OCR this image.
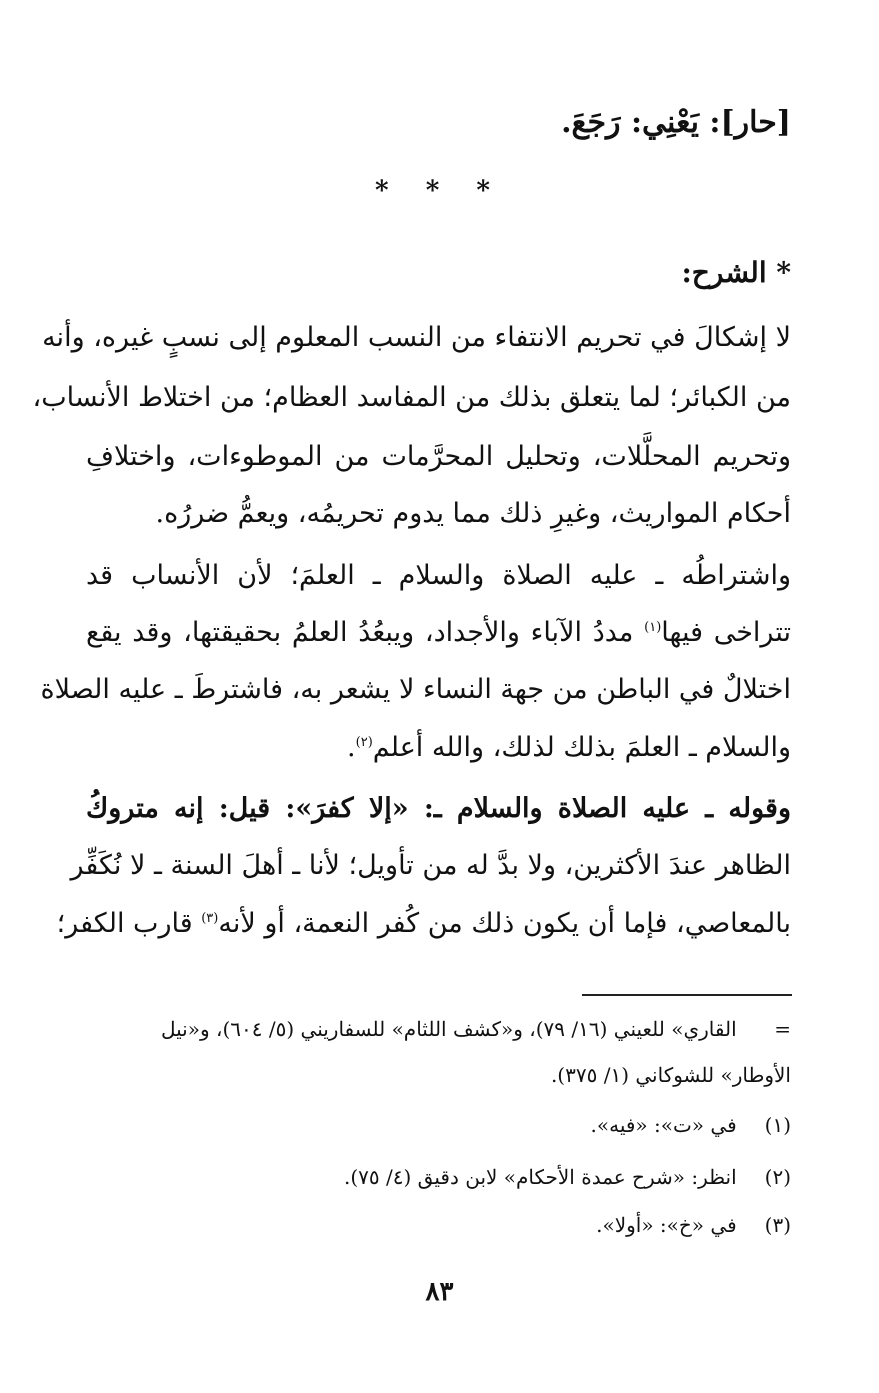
[حار]: يَعْنِي: رَجَعَ.
* * *
* الشرح:
لا إشكالَ في تحريم الانتفاء من النسب المعلوم إلى نسبٍ غيره، وأنه
من الكبائر؛ لما يتعلق بذلك من المفاسد العظام؛ من اختلاط الأنساب،
وتحريم المحلَّلات، وتحليل المحرَّمات من الموطوءات، واختلافِ
أحكام المواريث، وغيرِ ذلك مما يدوم تحريمُه، ويعمُّ ضررُه.
واشتراطُه ـ عليه الصلاة والسلام ـ العلمَ؛ لأن الأنساب قد
تتراخى فيها$^{(١)}$ مددُ الآباء والأجداد، ويبعُدُ العلمُ بحقيقتها، وقد يقع
اختلالٌ في الباطن من جهة النساء لا يشعر به، فاشترطَ ـ عليه الصلاة
والسلام ـ العلمَ بذلك لذلك، والله أعلم$^{(٢)}$.
وقوله ـ عليه الصلاة والسلام ـ: «إلا كفرَ»: قيل: إنه متروكُ
الظاهر عندَ الأكثرين، ولا بدَّ له من تأويل؛ لأنا ـ أهلَ السنة ـ لا نُكَفِّر
بالمعاصي، فإما أن يكون ذلك من كُفر النعمة، أو لأنه$^{(٣)}$ قارب الكفر؛
= القاري» للعيني (١٦/ ٧٩)، و«كشف اللثام» للسفاريني (٥/ ٦٠٤)، و«نيل
الأوطار» للشوكاني (١/ ٣٧٥).
(١) في «ت»: «فيه».
(٢) انظر: «شرح عمدة الأحكام» لابن دقيق (٤/ ٧٥).
(٣) في «خ»: «أولا».
٨٣
